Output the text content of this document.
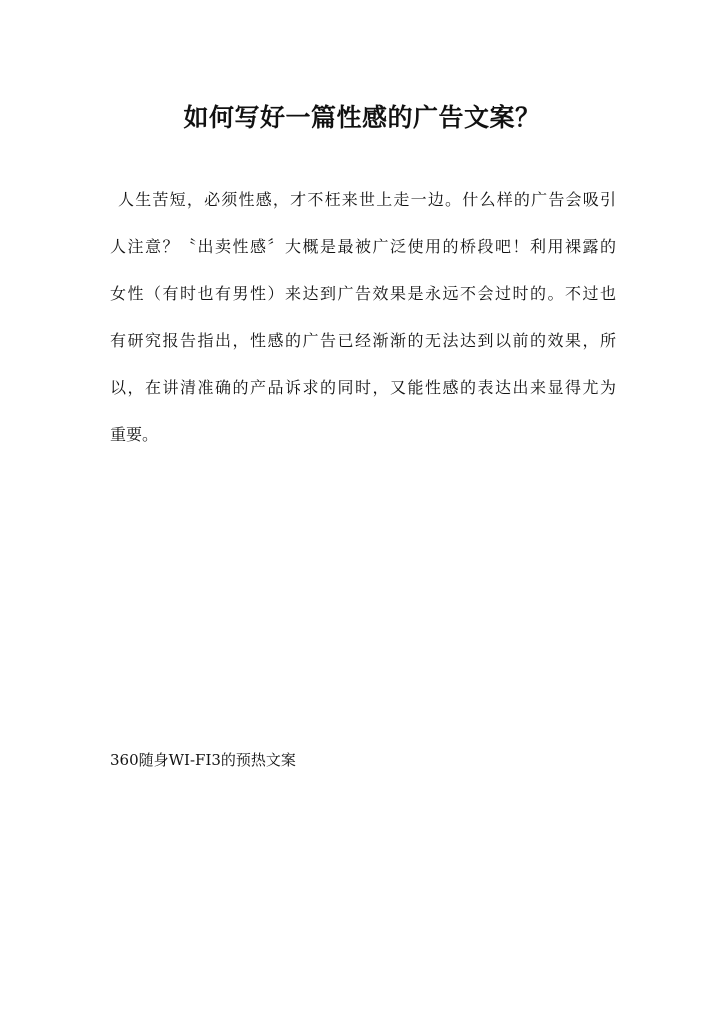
如何写好一篇性感的广告文案？
人生苦短，必须性感，才不枉来世上走一边。什么样的广告会吸引
人注意？〝出卖性感〞大概是最被广泛使用的桥段吧！利用裸露的
女性（有时也有男性）来达到广告效果是永远不会过时的。不过也
有研究报告指出，性感的广告已经渐渐的无法达到以前的效果，所
以，在讲清准确的产品诉求的同时，又能性感的表达出来显得尤为
重要。

360随身WI-FI3的预热文案
